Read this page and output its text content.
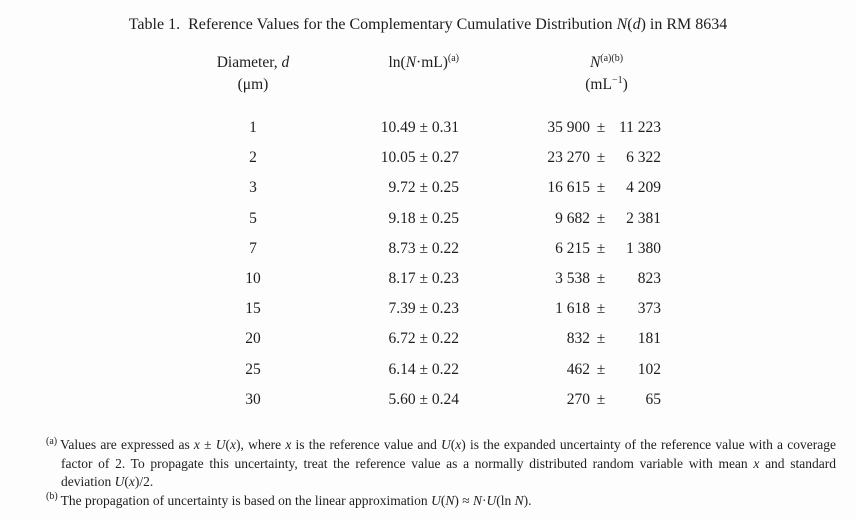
Table 1.  Reference Values for the Complementary Cumulative Distribution N(d) in RM 8634
Diameter, d
(μm)
$\ln(N\cdot mL)^{(a)}$	$N^{(a)(b)}$
$(mL^{-1})$
1	10.49 ± 0.31	35 900 ± 11 223
2	10.05 ± 0.27	23 270 ±	6 322
3	9.72 ± 0.25	16 615 ±	4 209
5	9.18 ± 0.25	9 682 ±	2 381
7	8.73 ± 0.22	6 215 ±	1 380
10	8.17 ± 0.23	3 538 ±	823
15	7.39 ± 0.23	1 618 ±	373
20	6.72 ± 0.22	832 ±	181
25	6.14 ± 0.22	462 ±	102
30	5.60 ± 0.24	270 ±	65

$^{(a)}$ Values are expressed as x ± U(x), where x is the reference value and U(x) is the expanded uncertainty of the reference value with a coverage factor of 2. To propagate this uncertainty, treat the reference value as a normally distributed random variable with mean x and standard deviation U(x)/2.

$^{(b)}$ The propagation of uncertainty is based on the linear approximation U(N) ≈ N·U(ln N).
